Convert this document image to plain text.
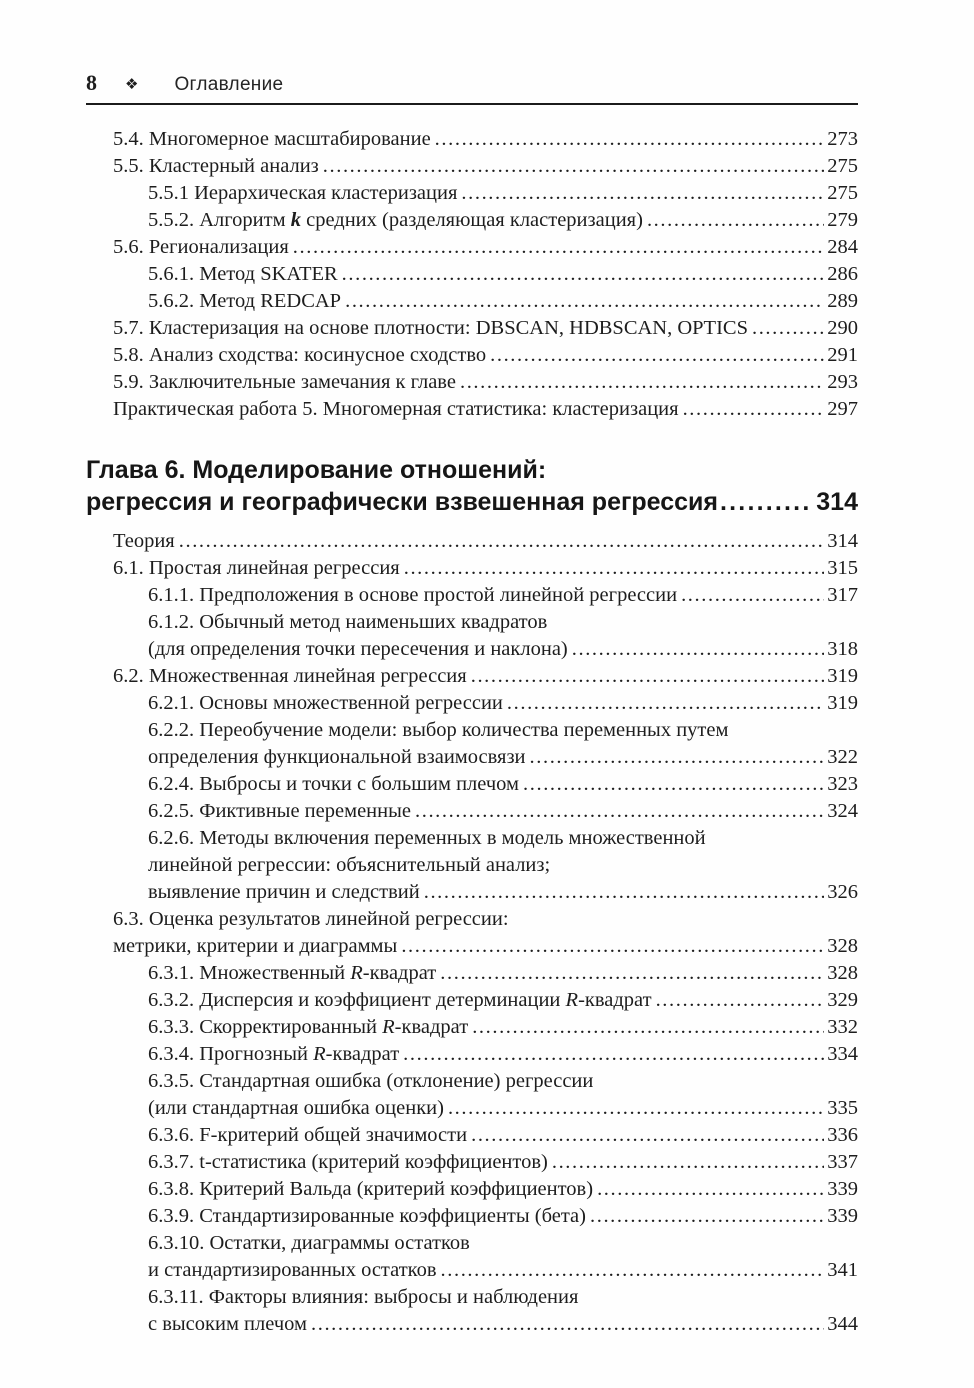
8 ❖ Оглавление
5.4. Многомерное масштабирование .....	273
5.5. Кластерный анализ .....	275
5.5.1 Иерархическая кластеризация .....	275
5.5.2. Алгоритм k средних (разделяющая кластеризация) .....	279
5.6. Регионализация .....	284
5.6.1. Метод SKATER .....	286
5.6.2. Метод REDCAP .....	289
5.7. Кластеризация на основе плотности: DBSCAN, HDBSCAN, OPTICS .....	290
5.8. Анализ сходства: косинусное сходство .....	291
5.9. Заключительные замечания к главе .....	293
Практическая работа 5. Многомерная статистика: кластеризация .....	297
Глава 6. Моделирование отношений:
регрессия и географически взвешенная регрессия .....	314
Теория .....	314
6.1. Простая линейная регрессия .....	315
6.1.1. Предположения в основе простой линейной регрессии .....	317
6.1.2. Обычный метод наименьших квадратов
(для определения точки пересечения и наклона) .....	318
6.2. Множественная линейная регрессия .....	319
6.2.1. Основы множественной регрессии .....	319
6.2.2. Переобучение модели: выбор количества переменных путем
определения функциональной взаимосвязи .....	322
6.2.4. Выбросы и точки с большим плечом .....	323
6.2.5. Фиктивные переменные .....	324
6.2.6. Методы включения переменных в модель множественной
линейной регрессии: объяснительный анализ;
выявление причин и следствий .....	326
6.3. Оценка результатов линейной регрессии:
метрики, критерии и диаграммы .....	328
6.3.1. Множественный R-квадрат .....	328
6.3.2. Дисперсия и коэффициент детерминации R-квадрат .....	329
6.3.3. Скорректированный R-квадрат .....	332
6.3.4. Прогнозный R-квадрат .....	334
6.3.5. Стандартная ошибка (отклонение) регрессии
(или стандартная ошибка оценки) .....	335
6.3.6. F-критерий общей значимости .....	336
6.3.7. t-статистика (критерий коэффициентов) .....	337
6.3.8. Критерий Вальда (критерий коэффициентов) .....	339
6.3.9. Стандартизированные коэффициенты (бета) .....	339
6.3.10. Остатки, диаграммы остатков
и стандартизированных остатков .....	341
6.3.11. Факторы влияния: выбросы и наблюдения
с высоким плечом .....	344
